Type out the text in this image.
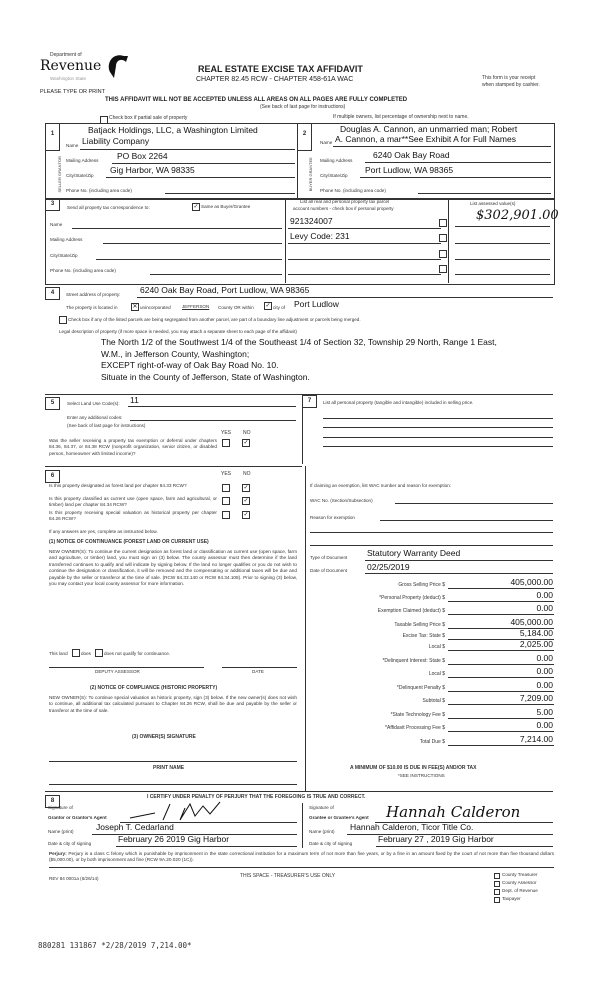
Department of
Revenue
Washington State
PLEASE TYPE OR PRINT
REAL ESTATE EXCISE TAX AFFIDAVIT
CHAPTER 82.45 RCW - CHAPTER 458-61A WAC	This form is your receipt
when stamped by cashier.
THIS AFFIDAVIT WILL NOT BE ACCEPTED UNLESS ALL AREAS ON ALL PAGES ARE FULLY COMPLETED
(See back of last page for instructions)
Check box if partial sale of property	If multiple owners, list percentage of ownership next to name.
1	2
SELLER GRANTOR	BUYER GRANTEE
Batjack Holdings, LLC, a Washington Limited
Name Liability Company
Mailing Address PO Box 2264
City/State/Zip
Gig Harbor, WA 98335
Phone No. (including area code)
Douglas A. Cannon, an unmarried man; Robert
Name A. Cannon, a mar**See Exhibit A for Full Names
Mailing Address
6240 Oak Bay Road
City/State/Zip
Port Ludlow, WA 98365
Phone No. (including area code)
3
Send all property tax correspondence to:	✓ Same as Buyer/Grantee
Name
Mailing Address
City/State/Zip
Phone No. (including area code)
List all real and personal property tax parcel
account numbers - check box if personal property
List assessed value(s)
921324007
Levy Code: 231
$302,901.00
4	Street address of property: 6240 Oak Bay Road, Port Ludlow, WA 98365
The property is located in ✕ unincorporated JEFFERSON County OR within ✓ city of Port Ludlow
Check box if any of the listed parcels are being segregated from another parcel, are part of a boundary line adjustment or parcels being merged.
Legal description of property (if more space is needed, you may attach a separate sheet to each page of the affidavit)
The North 1/2 of the Southwest 1/4 of the Southeast 1/4 of Section 32, Township 29 North, Range 1 East,
W.M., in Jefferson County, Washington;
EXCEPT right-of-way of Oak Bay Road No. 10.
Situate in the County of Jefferson, State of Washington.
5	Select Land Use Code(s): 11
Enter any additional codes:
(See back of last page for instructions)
YES NO
Was the seller receiving a property tax exemption or deferral under chapters 84.36, 84.37, or 84.38 RCW (nonprofit organization, senior citizen, or disabled person, homeowner with limited income)?
✓
7	List all personal property (tangible and intangible) included in selling price.
6	YES NO
Is this property designated as forest land per chapter 84.33 RCW?	✓
Is this property classified as current use (open space, farm and agricultural, or timber) land per chapter 84.34 RCW?
✓
Is this property receiving special valuation as historical property per chapter 84.26 RCW?
✓
If any answers are yes, complete as instructed below.
(1) NOTICE OF CONTINUANCE (FOREST LAND OR CURRENT USE)
NEW OWNER(S): To continue the current designation as forest land or classification as current use (open space, farm and agriculture, or timber) land, you must sign on (3) below. The county assessor must then determine if the land transferred continues to qualify and will indicate by signing below. If the land no longer qualifies or you do not wish to continue the designation or classification, it will be removed and the compensating or additional taxes will be due and payable by the seller or transferor at the time of sale. (RCW 84.33.140 or RCW 84.34.108). Prior to signing (3) below, you may contact your local county assessor for more information.
This land	does	does not qualify for continuance.
DEPUTY ASSESSOR	DATE
(2) NOTICE OF COMPLIANCE (HISTORIC PROPERTY)
NEW OWNER(S): To continue special valuation as historic property, sign (3) below. If the new owner(s) does not wish to continue, all additional tax calculated pursuant to Chapter 84.26 RCW, shall be due and payable by the seller or transferor at the time of sale.
(3) OWNER(S) SIGNATURE
PRINT NAME
If claiming an exemption, list WAC number and reason for exemption:
WAC No. (Section/Subsection)
Reason for exemption
Type of Document Statutory Warranty Deed
Date of Document 02/25/2019
Gross Selling Price $	405,000.00
*Personal Property (deduct) $	0.00
Exemption Claimed (deduct) $	0.00
Taxable Selling Price $	405,000.00
Excise Tax: State $	5,184.00
Local $	2,025.00
*Delinquent Interest: State $	0.00
Local $	0.00
*Delinquent Penalty $	0.00
Subtotal $	7,209.00
*State Technology Fee $	5.00
*Affidavit Processing Fee $	0.00
Total Due $	7,214.00
A MINIMUM OF $10.00 IS DUE IN FEE(S) AND/OR TAX
*SEE INSTRUCTIONS
8
I CERTIFY UNDER PENALTY OF PERJURY THAT THE FOREGOING IS TRUE AND CORRECT.
Signature of
Grantor or Grantor's Agent
Name (print)	Joseph T. Cedarland
Date & city of signing	February 26 2019 Gig Harbor
Signature of
Grantee or Grantee's Agent Hannah Calderon
Name (print) Hannah Calderon, Ticor Title Co.
Date & city of signing	February 27 , 2019 Gig Harbor
Perjury: Perjury is a class C felony which is punishable by imprisonment in the state correctional institution for a maximum term of not more than five years, or by a fine in an amount fixed by the court of not more than five thousand dollars ($5,000.00), or by both imprisonment and fine (RCW 9A.20.020 (1C)).
REV 84 0001a (6/26/14)	THIS SPACE - TREASURER'S USE ONLY	County Treasurer
County Assessor
Dept. of Revenue
Taxpayer
880281 131867 *2/28/2019 7,214.00*
